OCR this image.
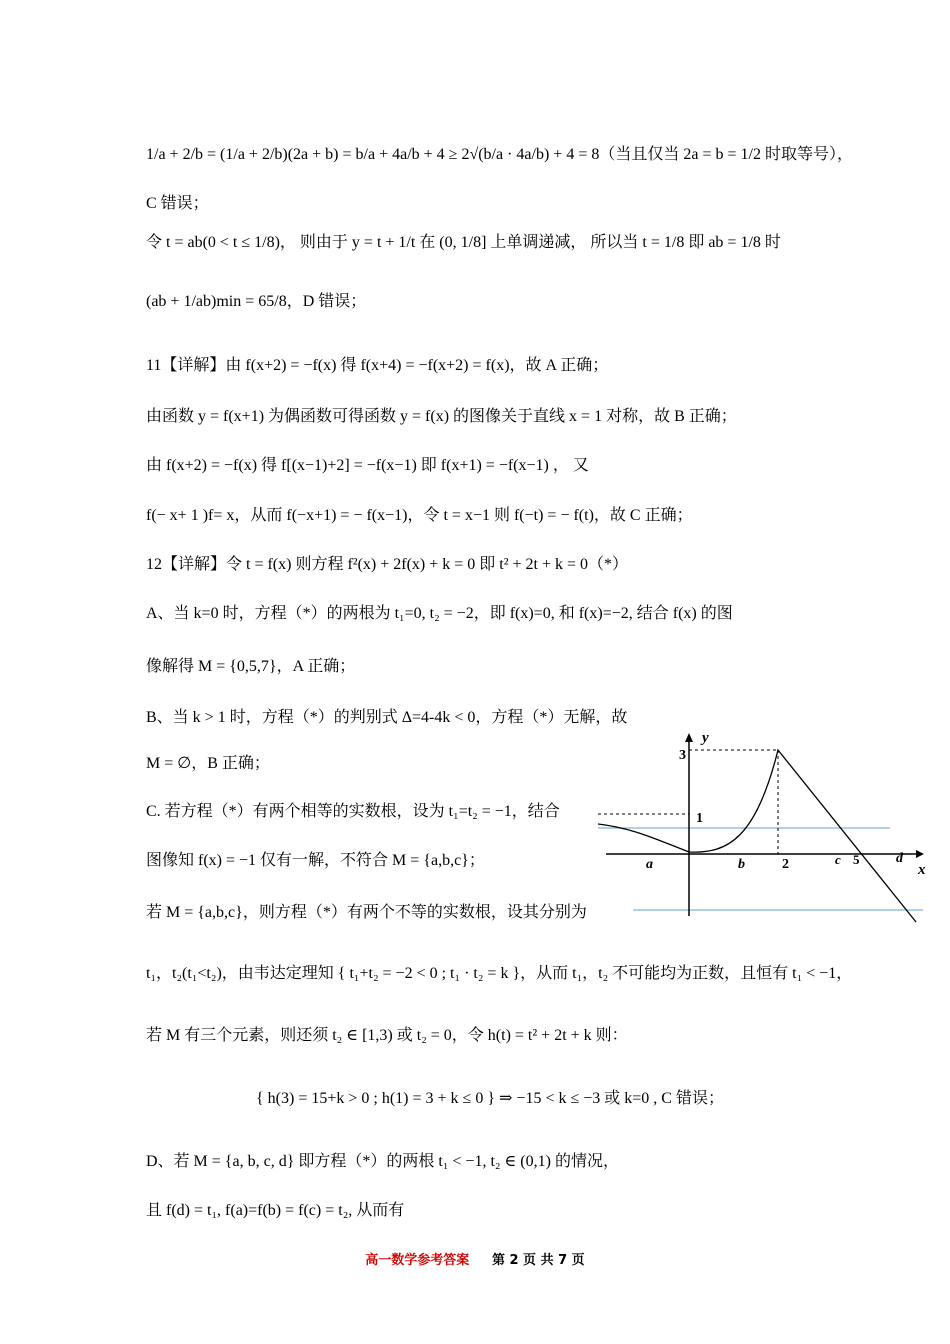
1/a + 2/b = (1/a + 2/b)(2a + b) = b/a + 4a/b + 4 ≥ 2√(b/a · 4a/b) + 4 = 8（当且仅当 2a = b = 1/2 时取等号），
C 错误；
令 t = ab(0 < t ≤ 1/8)， 则由于 y = t + 1/t 在 (0, 1/8] 上单调递减， 所以当 t = 1/8 即 ab = 1/8 时
(ab + 1/ab)min = 65/8，D 错误；
11【详解】由 f(x+2) = −f(x) 得 f(x+4) = −f(x+2) = f(x)，故 A 正确；
由函数 y = f(x+1) 为偶函数可得函数 y = f(x) 的图像关于直线 x = 1 对称，故 B 正确；
由 f(x+2) = −f(x) 得 f[(x−1)+2] = −f(x−1) 即 f(x+1) = −f(x−1) ， 又
f(− x+ 1 )f= x，从而 f(−x+1) = − f(x−1)，令 t = x−1 则 f(−t) = − f(t)，故 C 正确；
12【详解】令 t = f(x) 则方程 f²(x) + 2f(x) + k = 0 即 t² + 2t + k = 0（*）
A、当 k=0 时，方程（*）的两根为 t₁=0, t₂ = −2，即 f(x)=0, 和 f(x)=−2, 结合 f(x) 的图
像解得 M = {0,5,7}，A 正确；
B、当 k > 1 时，方程（*）的判别式 Δ=4-4k < 0，方程（*）无解，故
M = ∅，B 正确；
C. 若方程（*）有两个相等的实数根，设为 t₁=t₂ = −1，结合
图像知 f(x) = −1 仅有一解，不符合 M = {a,b,c}；
若 M = {a,b,c}，则方程（*）有两个不等的实数根，设其分别为
t₁，t₂(t₁<t₂)，由韦达定理知 { t₁+t₂ = −2 < 0 ; t₁ · t₂ = k }，从而 t₁，t₂ 不可能均为正数，且恒有 t₁ < −1，
若 M 有三个元素，则还须 t₂ ∈ [1,3) 或 t₂ = 0，令 h(t) = t² + 2t + k 则：
{ h(3) = 15+k > 0 ; h(1) = 3 + k ≤ 0 } ⇒ −15 < k ≤ −3 或 k=0 , C 错误；
D、若 M = {a, b, c, d} 即方程（*）的两根 t₁ < −1, t₂ ∈ (0,1) 的情况，
且 f(d) = t₁, f(a)=f(b) = f(c) = t₂, 从而有
y
x
3
1
a	b	2	c 5	d
高一数学参考答案 第 2 页 共 7 页
